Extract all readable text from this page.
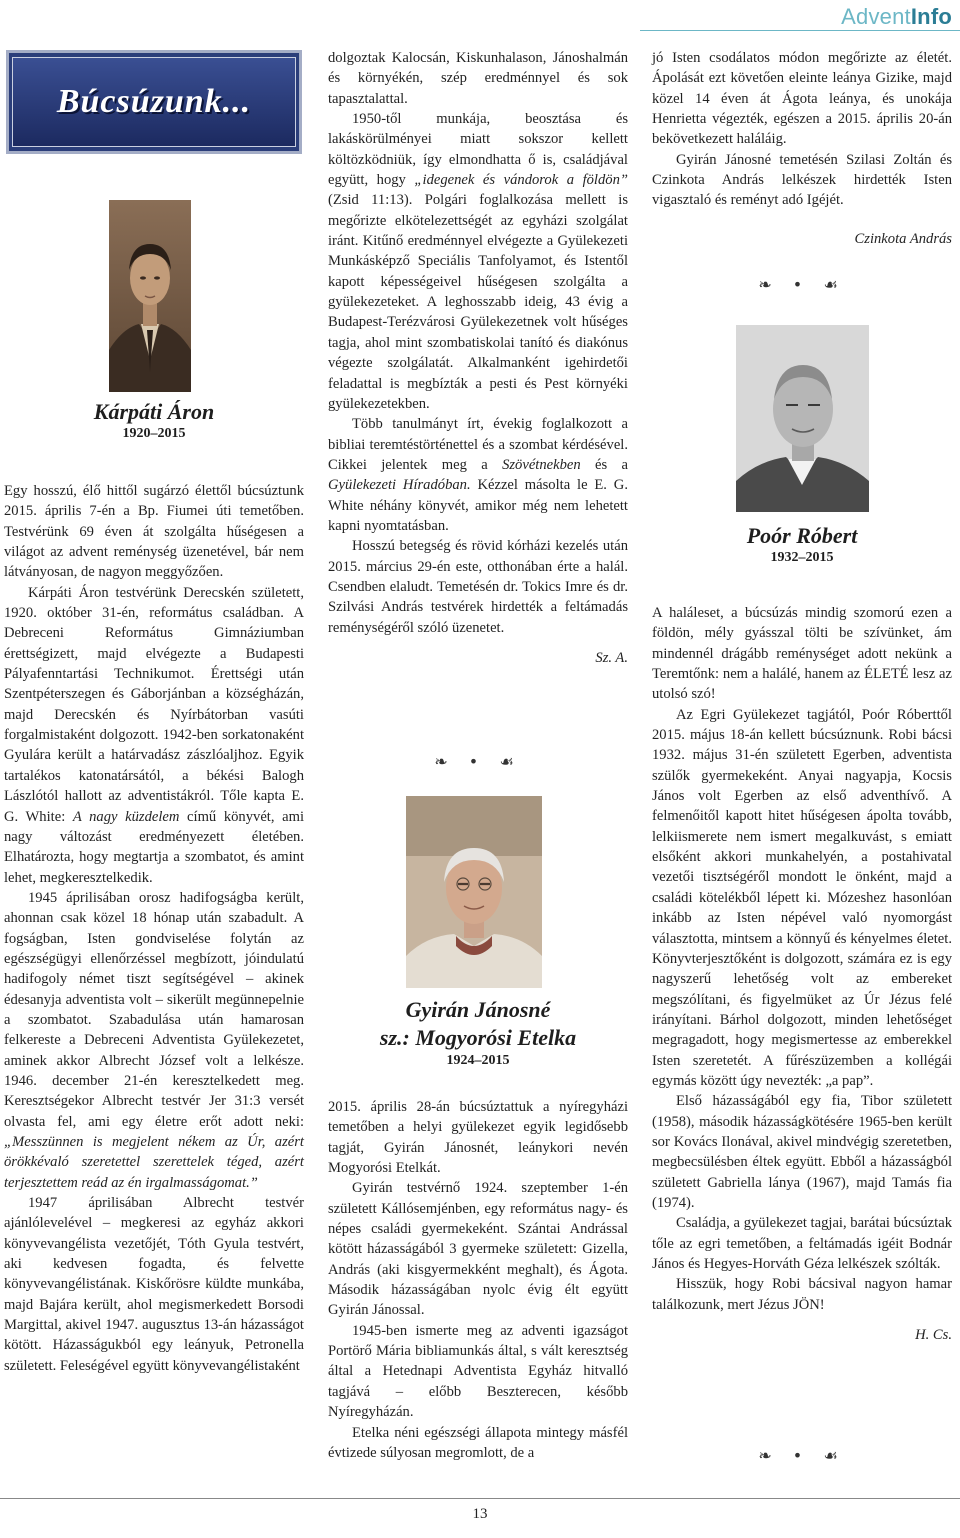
AdventInfo
Búcsúzunk...
Kárpáti Áron
1920–2015

Egy hosszú, élő hittől sugárzó élettől búcsúztunk 2015. április 7-én a Bp. Fiumei úti temetőben. Testvérünk 69 éven át szolgálta hűségesen a világot az advent reménység üzenetével, bár nem látványosan, de nagyon meggyőzően.

Kárpáti Áron testvérünk Derecskén született, 1920. október 31-én, református családban. A Debreceni Református Gimnáziumban érettségizett, majd elvégezte a Budapesti Pályafenntartási Technikumot. Érettségi után Szentpéterszegen és Gáborjánban a községházán, majd Derecskén és Nyírbátorban vasúti forgalmistaként dolgozott. 1942-ben sorkatonaként Gyulára került a határvadász zászlóaljhoz. Egyik tartalékos katonatársától, a békési Balogh Lászlótól hallott az adventistákról. Tőle kapta E. G. White: A nagy küzdelem című könyvét, ami nagy változást eredményezett életében. Elhatározta, hogy megtartja a szombatot, és amint lehet, megkeresztelkedik.

1945 áprilisában orosz hadifogságba került, ahonnan csak közel 18 hónap után szabadult. A fogságban, Isten gondviselése folytán az egészségügyi ellenőrzéssel megbízott, jóindulatú hadifogoly német tiszt segítségével – akinek édesanyja adventista volt – sikerült megünnepelnie a szombatot. Szabadulása után hamarosan felkereste a Debreceni Adventista Gyülekezetet, aminek akkor Albrecht József volt a lelkésze. 1946. december 21-én keresztelkedett meg. Keresztségekor Albrecht testvér Jer 31:3 versét olvasta fel, ami egy életre erőt adott neki: „Messzünnen is megjelent nékem az Úr, azért örökkévaló szeretettel szerettelek téged, azért terjesztettem reád az én irgalmasságomat.”

1947 áprilisában Albrecht testvér ajánlólevelével – megkeresi az egyház akkori könyvevangélista vezetőjét, Tóth Gyula testvért, aki kedvesen fogadta, és felvette könyvevangélistának. Kiskőrösre küldte munkába, majd Bajára került, ahol megismerkedett Borsodi Margittal, akivel 1947. augusztus 13-án házasságot kötött. Házasságukból egy leányuk, Petronella született. Feleségével együtt könyvevangélistaként

dolgoztak Kalocsán, Kiskunhalason, Jánoshalmán és környékén, szép eredménnyel és sok tapasztalattal.

1950-től munkája, beosztása és lakáskörülményei miatt sokszor kellett költözködniük, így elmondhatta ő is, családjával együtt, hogy „idegenek és vándorok a földön” (Zsid 11:13). Polgári foglalkozása mellett is megőrizte elkötelezettségét az egyházi szolgálat iránt. Kitűnő eredménnyel elvégezte a Gyülekezeti Munkásképző Speciális Tanfolyamot, és Istentől kapott képességeivel hűségesen szolgálta a gyülekezeteket. A leghosszabb ideig, 43 évig a Budapest-Terézvárosi Gyülekezetnek volt hűséges tagja, ahol mint szombatiskolai tanító és diakónus végezte szolgálatát. Alkalmanként igehirdetői feladattal is megbízták a pesti és Pest környéki gyülekezetekben.

Több tanulmányt írt, évekig foglalkozott a bibliai teremtéstörténettel és a szombat kérdésével. Cikkei jelentek meg a Szövétnekben és a Gyülekezeti Híradóban. Kézzel másolta le E. G. White néhány könyvét, amikor még nem lehetett kapni nyomtatásban.

Hosszú betegség és rövid kórházi kezelés után 2015. március 29-én este, otthonában érte a halál. Csendben elaludt. Temetésén dr. Tokics Imre és dr. Szilvási András testvérek hirdették a feltámadás reménységéről szóló üzenetet.

Sz. A.

❧ • ☙
Gyirán Jánosné
sz.: Mogyorósi Etelka
1924–2015

2015. április 28-án búcsúztattuk a nyíregyházi temetőben a helyi gyülekezet egyik legidősebb tagját, Gyirán Jánosnét, leánykori nevén Mogyorósi Etelkát.

Gyirán testvérnő 1924. szeptember 1-én született Kállósemjénben, egy református nagy- és népes családi gyermekeként. Szántai Andrással kötött házasságából 3 gyermeke született: Gizella, András (aki kisgyermekként meghalt), és Ágota. Második házasságában nyolc évig élt együtt Gyirán Jánossal.

1945-ben ismerte meg az adventi igazságot Portörő Mária bibliamunkás által, s vált keresztség által a Hetednapi Adventista Egyház hitvalló tagjává – előbb Beszterecen, később Nyíregyházán.

Etelka néni egészségi állapota mintegy másfél évtizede súlyosan megromlott, de a

jó Isten csodálatos módon megőrizte az életét. Ápolását ezt követően eleinte leánya Gizike, majd közel 14 éven át Ágota leánya, és unokája Henrietta végezték, egészen a 2015. április 20-án bekövetkezett haláláig.

Gyirán Jánosné temetésén Szilasi Zoltán és Czinkota András lelkészek hirdették Isten vigasztaló és reményt adó Igéjét.

Czinkota András

❧ • ☙
Poór Róbert
1932–2015

A haláleset, a búcsúzás mindig szomorú ezen a földön, mély gyásszal tölti be szívünket, ám mindennél drágább reménységet adott nekünk a Teremtőnk: nem a halálé, hanem az ÉLETÉ lesz az utolsó szó!

Az Egri Gyülekezet tagjától, Poór Róberttől 2015. május 18-án kellett búcsúznunk. Robi bácsi 1932. május 31-én született Egerben, adventista szülők gyermekeként. Anyai nagyapja, Kocsis János volt Egerben az első adventhívő. A felmenőitől kapott hitet hűségesen ápolta tovább, lelkiismerete nem ismert megalkuvást, s emiatt elsőként akkori munkahelyén, a postahivatal vezetői tisztségéről mondott le önként, majd a családi kötelékből lépett ki. Mózeshez hasonlóan inkább az Isten népével való nyomorgást választotta, mintsem a könnyű és kényelmes életet. Könyvterjesztőként is dolgozott, számára ez is egy nagyszerű lehetőség volt az embereket megszólítani, és figyelmüket az Úr Jézus felé irányítani. Bárhol dolgozott, minden lehetőséget megragadott, hogy megismertesse az emberekkel Isten szeretetét. A fűrészüzemben a kollégái egymás között úgy nevezték: „a pap”.

Első házasságából egy fia, Tibor született (1958), második házasságkötésére 1965-ben került sor Kovács Ilonával, akivel mindvégig szeretetben, megbecsülésben éltek együtt. Ebből a házasságból született Gabriella lánya (1967), majd Tamás fia (1974).

Családja, a gyülekezet tagjai, barátai búcsúztak tőle az egri temetőben, a feltámadás igéit Bodnár János és Hegyes-Horváth Géza lelkészek szólták.

Hisszük, hogy Robi bácsival nagyon hamar találkozunk, mert Jézus JÖN!

H. Cs.

❧ • ☙
13
